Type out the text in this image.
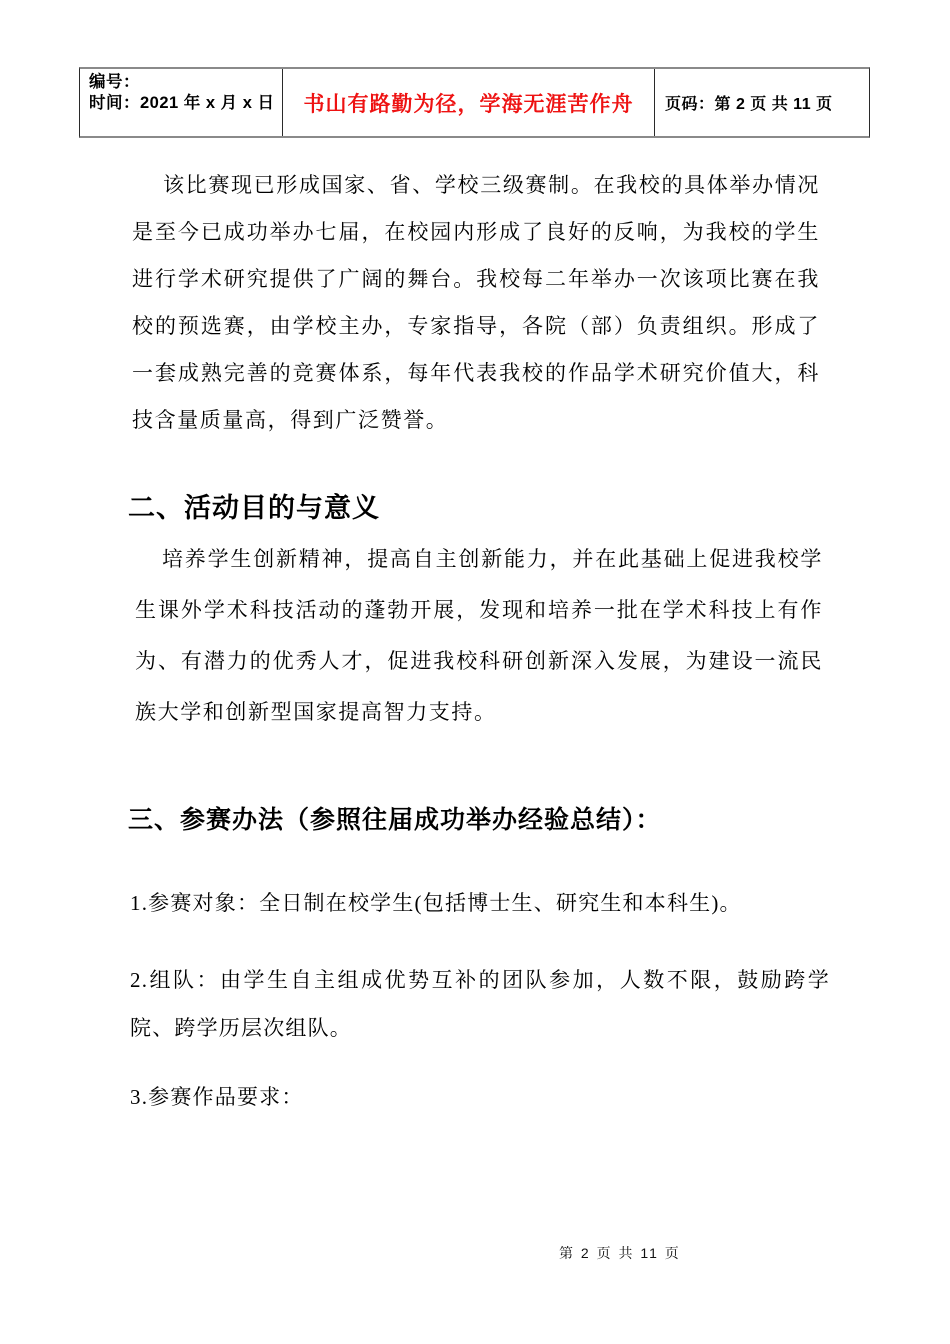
编号：
时间：2021 年 x 月 x 日 书山有路勤为径，学海无涯苦作舟 页码：第 2 页 共 11 页

该比赛现已形成国家、省、学校三级赛制。在我校的具体举办情况是至今已成功举办七届，在校园内形成了良好的反响，为我校的学生进行学术研究提供了广阔的舞台。我校每二年举办一次该项比赛在我校的预选赛，由学校主办，专家指导，各院（部）负责组织。形成了一套成熟完善的竞赛体系，每年代表我校的作品学术研究价值大，科技含量质量高，得到广泛赞誉。

二、活动目的与意义

培养学生创新精神，提高自主创新能力，并在此基础上促进我校学生课外学术科技活动的蓬勃开展，发现和培养一批在学术科技上有作为、有潜力的优秀人才，促进我校科研创新深入发展，为建设一流民族大学和创新型国家提高智力支持。

三、参赛办法（参照往届成功举办经验总结）：
1.参赛对象：全日制在校学生(包括博士生、研究生和本科生)。
2.组队：由学生自主组成优势互补的团队参加，人数不限，鼓励跨学院、跨学历层次组队。
3.参赛作品要求：
第 2 页 共 11 页
